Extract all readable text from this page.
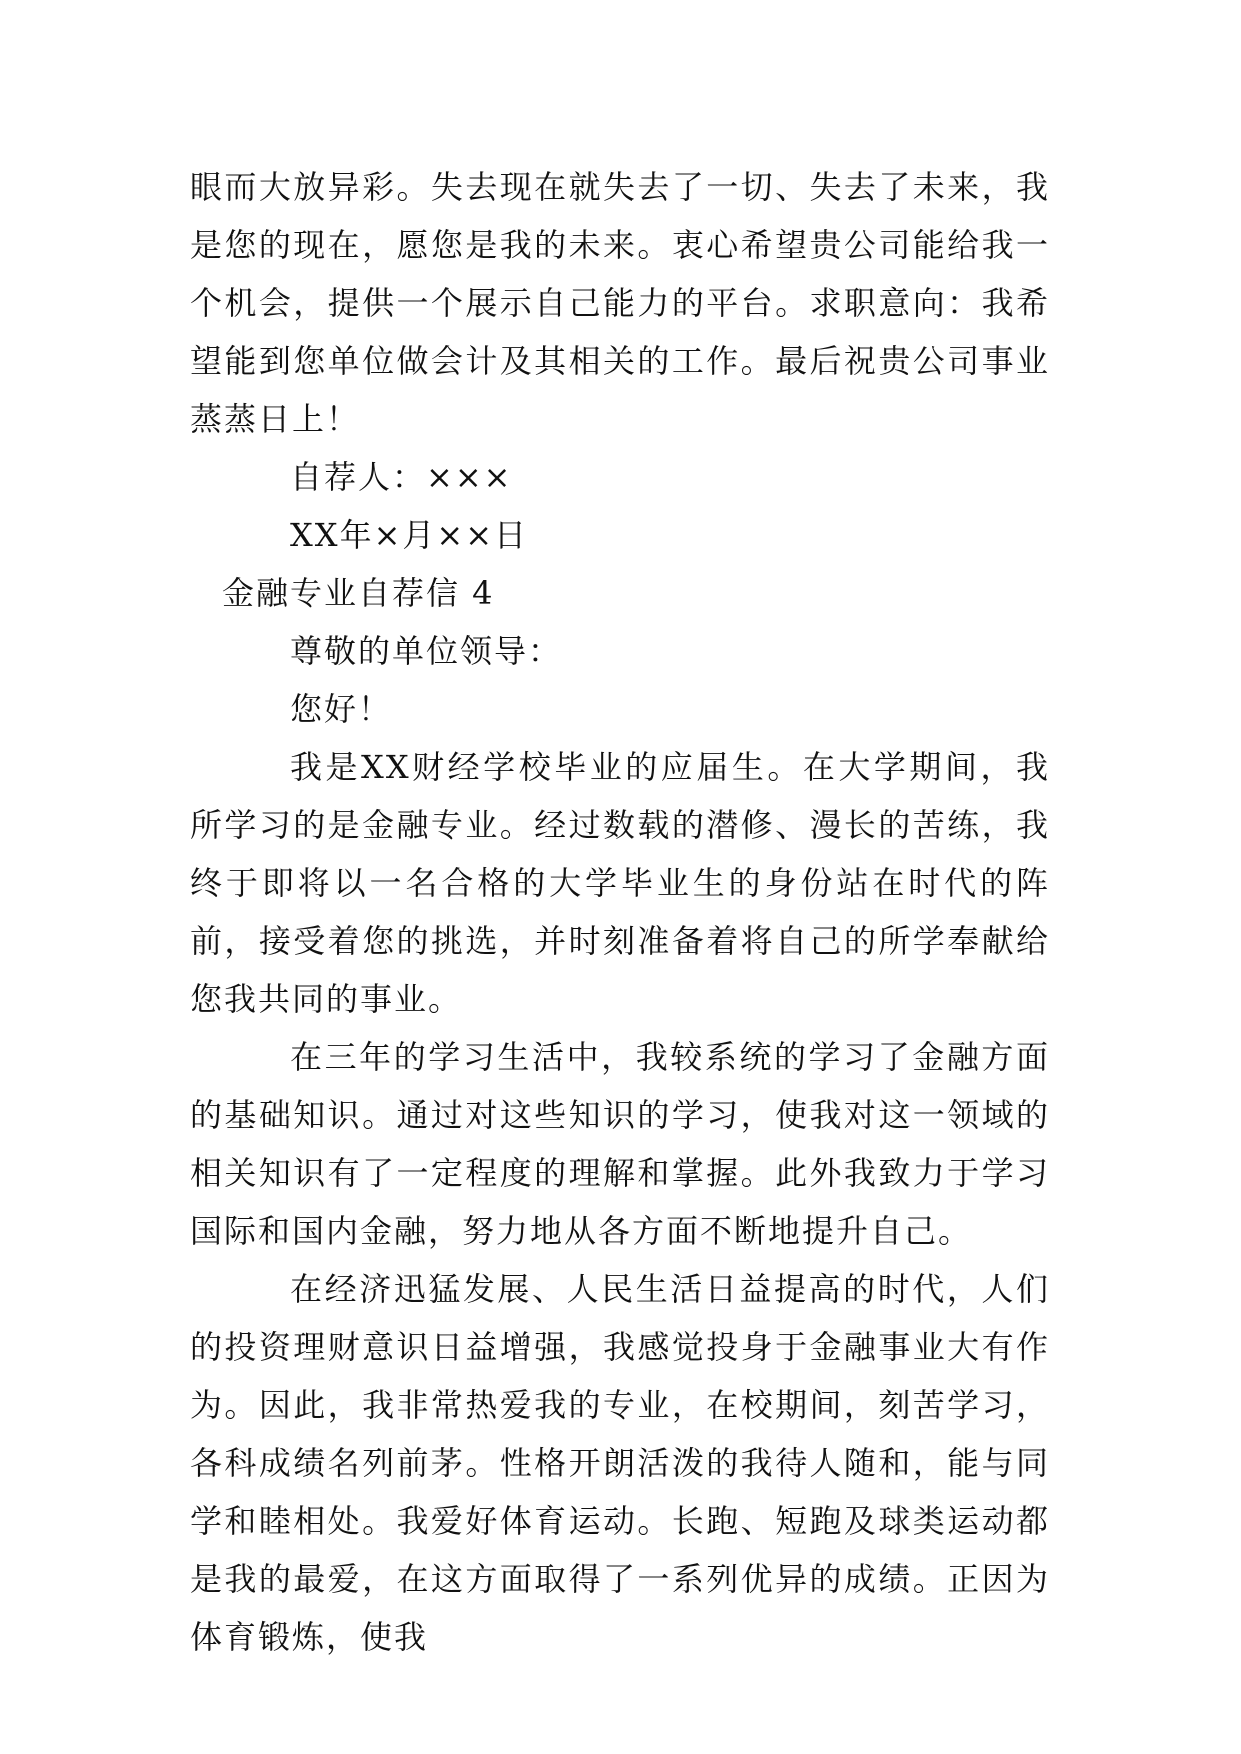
眼而大放异彩。失去现在就失去了一切、失去了未来，我是您的现在，愿您是我的未来。衷心希望贵公司能给我一个机会，提供一个展示自己能力的平台。求职意向：我希望能到您单位做会计及其相关的工作。最后祝贵公司事业蒸蒸日上！

自荐人：×××

XX年×月××日

金融专业自荐信 4

尊敬的单位领导：

您好！

我是XX财经学校毕业的应届生。在大学期间，我所学习的是金融专业。经过数载的潜修、漫长的苦练，我终于即将以一名合格的大学毕业生的身份站在时代的阵前，接受着您的挑选，并时刻准备着将自己的所学奉献给您我共同的事业。

在三年的学习生活中，我较系统的学习了金融方面的基础知识。通过对这些知识的学习，使我对这一领域的相关知识有了一定程度的理解和掌握。此外我致力于学习国际和国内金融，努力地从各方面不断地提升自己。

在经济迅猛发展、人民生活日益提高的时代，人们的投资理财意识日益增强，我感觉投身于金融事业大有作为。因此，我非常热爱我的专业，在校期间，刻苦学习，各科成绩名列前茅。性格开朗活泼的我待人随和，能与同学和睦相处。我爱好体育运动。长跑、短跑及球类运动都是我的最爱，在这方面取得了一系列优异的成绩。正因为体育锻炼，使我
